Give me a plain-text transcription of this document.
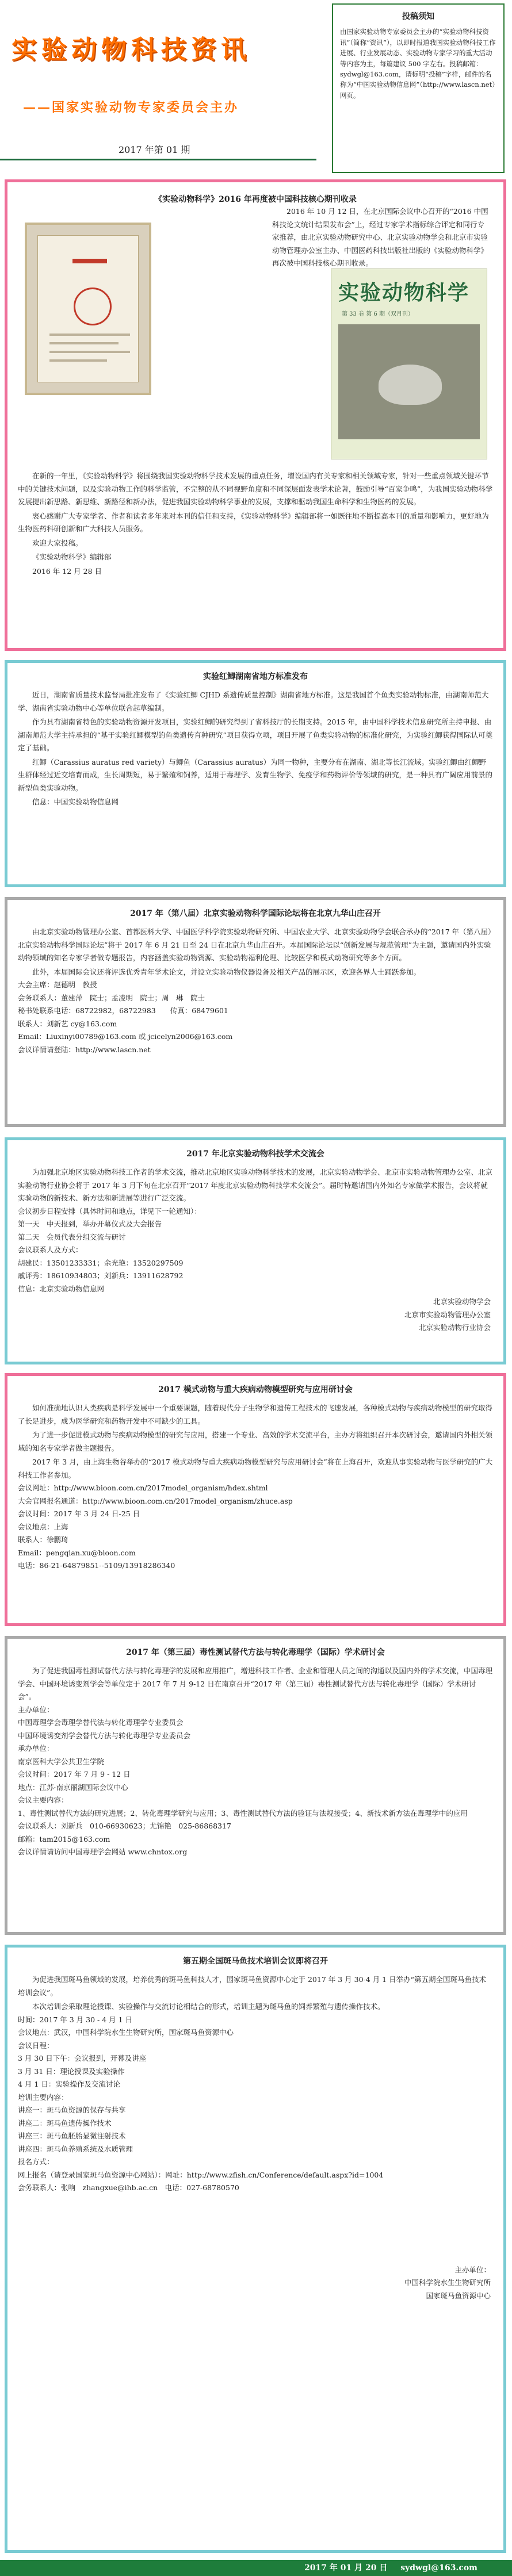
实验动物科技资讯
——国家实验动物专家委员会主办
2017 年第 01 期
投稿须知
由国家实验动物专家委员会主办的“实验动物科技资讯”（简称“资讯”），以即时报道我国实验动物科技工作进展、行业发展动态、实验动物专家学习的重大活动等内容为主，每篇建议 500 字左右。投稿邮箱：sydwgl@163.com，请标明“投稿”字样，邮件的名称为“中国实验动物信息网”（http://www.lascn.net）网页。
《实验动物科学》2016 年再度被中国科技核心期刊收录
2016 年 10 月 12 日，在北京国际会议中心召开的“2016 中国科技论文统计结果发布会”上，经过专家学术指标综合评定和同行专家推荐，由北京实验动物研究中心、北京实验动物学会和北京市实验动物管理办公室主办、中国医药科技出版社出版的《实验动物科学》再次被中国科技核心期刊收录。
实验动物科学
第 33 卷 第 6 期（双月刊）
在新的一年里，《实验动物科学》将围绕我国实验动物科学技术发展的重点任务，增设国内有关专家和相关领域专家，针对一些重点领域关键环节中的关键技术问题，以及实验动物工作的科学监管，不完整的从不同视野角度和不同深层面发表学术论著，鼓励引导“百家争鸣”，为我国实验动物科学发展提出新思路、新思维、新路径和新办法，促进我国实验动物科学事业的发展，支撑和驱动我国生命科学和生物医药的发展。
衷心感谢广大专家学者、作者和读者多年来对本刊的信任和支持，《实验动物科学》编辑部将一如既往地不断提高本刊的质量和影响力，更好地为生物医药科研创新和广大科技人员服务。
欢迎大家投稿。
《实验动物科学》编辑部
2016 年 12 月 28 日
实验红鲫湖南省地方标准发布
近日，湖南省质量技术监督局批准发布了《实验红鲫 CJHD 系遗传质量控制》湖南省地方标准。这是我国首个鱼类实验动物标准，由湖南师范大学、湖南省实验动物中心等单位联合起草编制。
作为具有湖南省特色的实验动物资源开发项目，实验红鲫的研究得到了省科技厅的长期支持。2015 年，由中国科学技术信息研究所主持申报、由湖南师范大学主持承担的“基于实验红鲫模型的鱼类遗传育种研究”项目获得立项，项目开展了鱼类实验动物的标准化研究，为实验红鲫获得国际认可奠定了基础。
红鲫（Carassius auratus red variety）与鲫鱼（Carassius auratus）为同一物种，主要分布在湖南、湖北等长江流域。实验红鲫由红鲫野生群体经过近交培育而成，生长周期短，易于繁殖和饲养，适用于毒理学、发育生物学、免疫学和药物评价等领域的研究，是一种具有广阔应用前景的新型鱼类实验动物。
信息：中国实验动物信息网
2017 年（第八届）北京实验动物科学国际论坛将在北京九华山庄召开
由北京实验动物管理办公室、首都医科大学、中国医学科学院实验动物研究所、中国农业大学、北京实验动物学会联合承办的“2017 年（第八届）北京实验动物科学国际论坛”将于 2017 年 6 月 21 日至 24 日在北京九华山庄召开。本届国际论坛以“创新发展与规范管理”为主题，邀请国内外实验动物领域的知名专家学者做专题报告，内容涵盖实验动物资源、实验动物福利伦理、比较医学和模式动物研究等多个方面。
此外，本届国际会议还将评选优秀青年学术论文，并设立实验动物仪器设备及相关产品的展示区，欢迎各界人士踊跃参加。
大会主席：赵德明　教授
会务联系人：董建萍　院士；孟凌明　院士；周　琳　院士
秘书处联系电话：68722982，68722983　　传真：68479601
联系人：刘新艺 cy@163.com
Email：Liuxinyi00789@163.com 或 jcicelyn2006@163.com
会议详情请登陆：http://www.lascn.net
2017 年北京实验动物科技学术交流会
为加强北京地区实验动物科技工作者的学术交流，推动北京地区实验动物科学技术的发展，北京实验动物学会、北京市实验动物管理办公室、北京实验动物行业协会将于 2017 年 3 月下旬在北京召开“2017 年度北京实验动物科技学术交流会”。届时特邀请国内外知名专家做学术报告，会议将就实验动物的新技术、新方法和新进展等进行广泛交流。
会议初步日程安排（具体时间和地点，详见下一轮通知）：
第一天　中天报到，举办开幕仪式及大会报告
第二天　会员代表分组交流与研讨
会议联系人及方式：
胡建民：13501233331；余光艳：13520297509
戚评秀：18610934803；刘新兵：13911628792
信息：北京实验动物信息网
北京实验动物学会
北京市实验动物管理办公室
北京实验动物行业协会
2017 模式动物与重大疾病动物模型研究与应用研讨会
如何准确地认识人类疾病是科学发展中一个重要课题，随着现代分子生物学和遗传工程技术的飞速发展，各种模式动物与疾病动物模型的研究取得了长足进步，成为医学研究和药物开发中不可缺少的工具。
为了进一步促进模式动物与疾病动物模型的研究与应用，搭建一个专业、高效的学术交流平台，主办方将组织召开本次研讨会，邀请国内外相关领域的知名专家学者做主题报告。
2017 年 3 月，由上海生物谷举办的“2017 模式动物与重大疾病动物模型研究与应用研讨会”将在上海召开，欢迎从事实验动物与医学研究的广大科技工作者参加。
会议网址：http://www.bioon.com.cn/2017model_organism/hdex.shtml
大会官网报名通道：http://www.bioon.com.cn/2017model_organism/zhuce.asp
会议时间：2017 年 3 月 24 日-25 日
会议地点：上海
联系人：徐鹏琦
Email：pengqian.xu@bioon.com
电话：86-21-64879851--5109/13918286340
2017 年（第三届）毒性测试替代方法与转化毒理学（国际）学术研讨会
为了促进我国毒性测试替代方法与转化毒理学的发展和应用推广，增进科技工作者、企业和管理人员之间的沟通以及国内外的学术交流，中国毒理学会、中国环境诱变剂学会等单位定于 2017 年 7 月 9-12 日在南京召开“2017 年（第三届）毒性测试替代方法与转化毒理学（国际）学术研讨会”。
主办单位：
中国毒理学会毒理学替代法与转化毒理学专业委员会
中国环境诱变剂学会替代方法与转化毒理学专业委员会
承办单位：
南京医科大学公共卫生学院
会议时间：2017 年 7 月 9 - 12 日
地点：江苏·南京丽湖国际会议中心
会议主要内容：
1、毒性测试替代方法的研究进展；2、转化毒理学研究与应用；3、毒性测试替代方法的验证与法规接受；4、新技术新方法在毒理学中的应用
会议联系人：刘新兵　010-66930623；尤锦艳　025-86868317
邮箱：tam2015@163.com
会议详情请访问中国毒理学会网站 www.chntox.org
第五期全国斑马鱼技术培训会议即将召开
为促进我国斑马鱼领域的发展，培养优秀的斑马鱼科技人才，国家斑马鱼资源中心定于 2017 年 3 月 30-4 月 1 日举办“第五期全国斑马鱼技术培训会议”。
本次培训会采取理论授课、实验操作与交流讨论相结合的形式，培训主题为斑马鱼的饲养繁殖与遗传操作技术。
时间：2017 年 3 月 30 - 4 月 1 日
会议地点：武汉，中国科学院水生生物研究所，国家斑马鱼资源中心
会议日程：
3 月 30 日下午：会议报到，开幕及讲座
3 月 31 日：理论授课及实验操作
4 月 1 日：实验操作及交流讨论
培训主要内容：
讲座一：斑马鱼资源的保存与共享
讲座二：斑马鱼遗传操作技术
讲座三：斑马鱼胚胎显微注射技术
讲座四：斑马鱼养殖系统及水质管理
报名方式：
网上报名（请登录国家斑马鱼资源中心网站）：网址：http://www.zfish.cn/Conference/default.aspx?id=1004
会务联系人：张响　zhangxue@ihb.ac.cn　电话：027-68780570
主办单位：
中国科学院水生生物研究所
国家斑马鱼资源中心
2017 年 01 月 20 日 sydwgl@163.com
